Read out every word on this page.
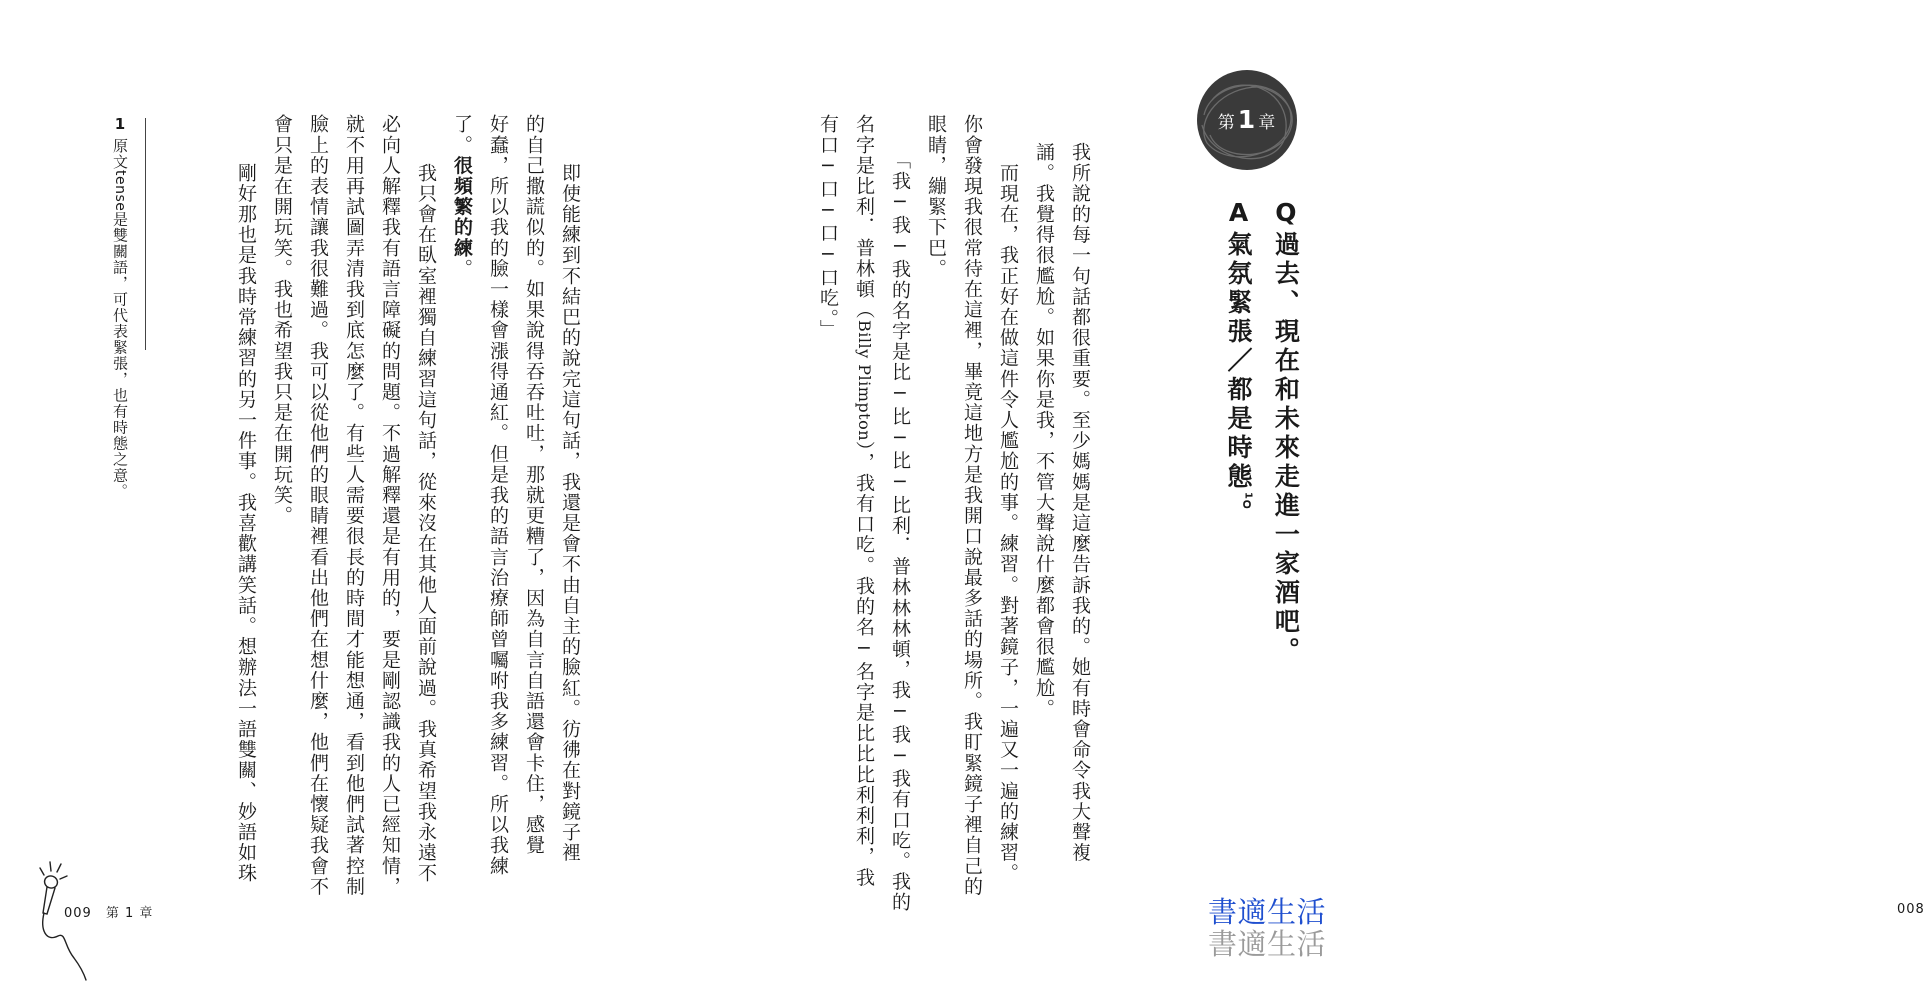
第1 章
Q過去、現在和未來走進一家酒吧。
A氣氛緊張／都是時態$^1$。
我所說的每一句話都很重要。至少媽媽是這麼告訴我的。她有時會命令我大聲複
誦。我覺得很尷尬。如果你是我，不管大聲說什麼都會很尷尬。
　而現在，我正好在做這件令人尷尬的事。練習。對著鏡子，一遍又一遍的練習。
你會發現我很常待在這裡，畢竟這地方是我開口說最多話的場所。我盯緊鏡子裡自己的
眼睛，繃緊下巴。
「我─我─我的名字是比─比─比─比利．普林林林頓，我─我─我有口吃。我的
名字是比利．普林頓（Billy Plimpton），我有口吃。我的名─名字是比比比利利利，我
有口─口─口─口吃。」
008
　即使能練到不結巴的說完這句話，我還是會不由自主的臉紅。彷彿在對鏡子裡
的自己撒謊似的。如果說得吞吞吐吐，那就更糟了，因為自言自語還會卡住，感覺
好蠢，所以我的臉一樣會漲得通紅。但是我的語言治療師曾囑咐我多練習。所以我練
了。很頻繁的練。
　我只會在臥室裡獨自練習這句話，從來沒在其他人面前說過。我真希望我永遠不
必向人解釋我有語言障礙的問題。不過解釋還是有用的，要是剛認識我的人已經知情，
就不用再試圖弄清我到底怎麼了。有些人需要很長的時間才能想通，看到他們試著控制
臉上的表情讓我很難過。我可以從他們的眼睛裡看出他們在想什麼，他們在懷疑我會不
會只是在開玩笑。我也希望我只是在開玩笑。
　剛好那也是我時常練習的另一件事。我喜歡講笑話。想辦法一語雙關、妙語如珠
1原文tense是雙關語，可代表緊張，也有時態之意。
009　 第 1 章	書適生活
書適生活
